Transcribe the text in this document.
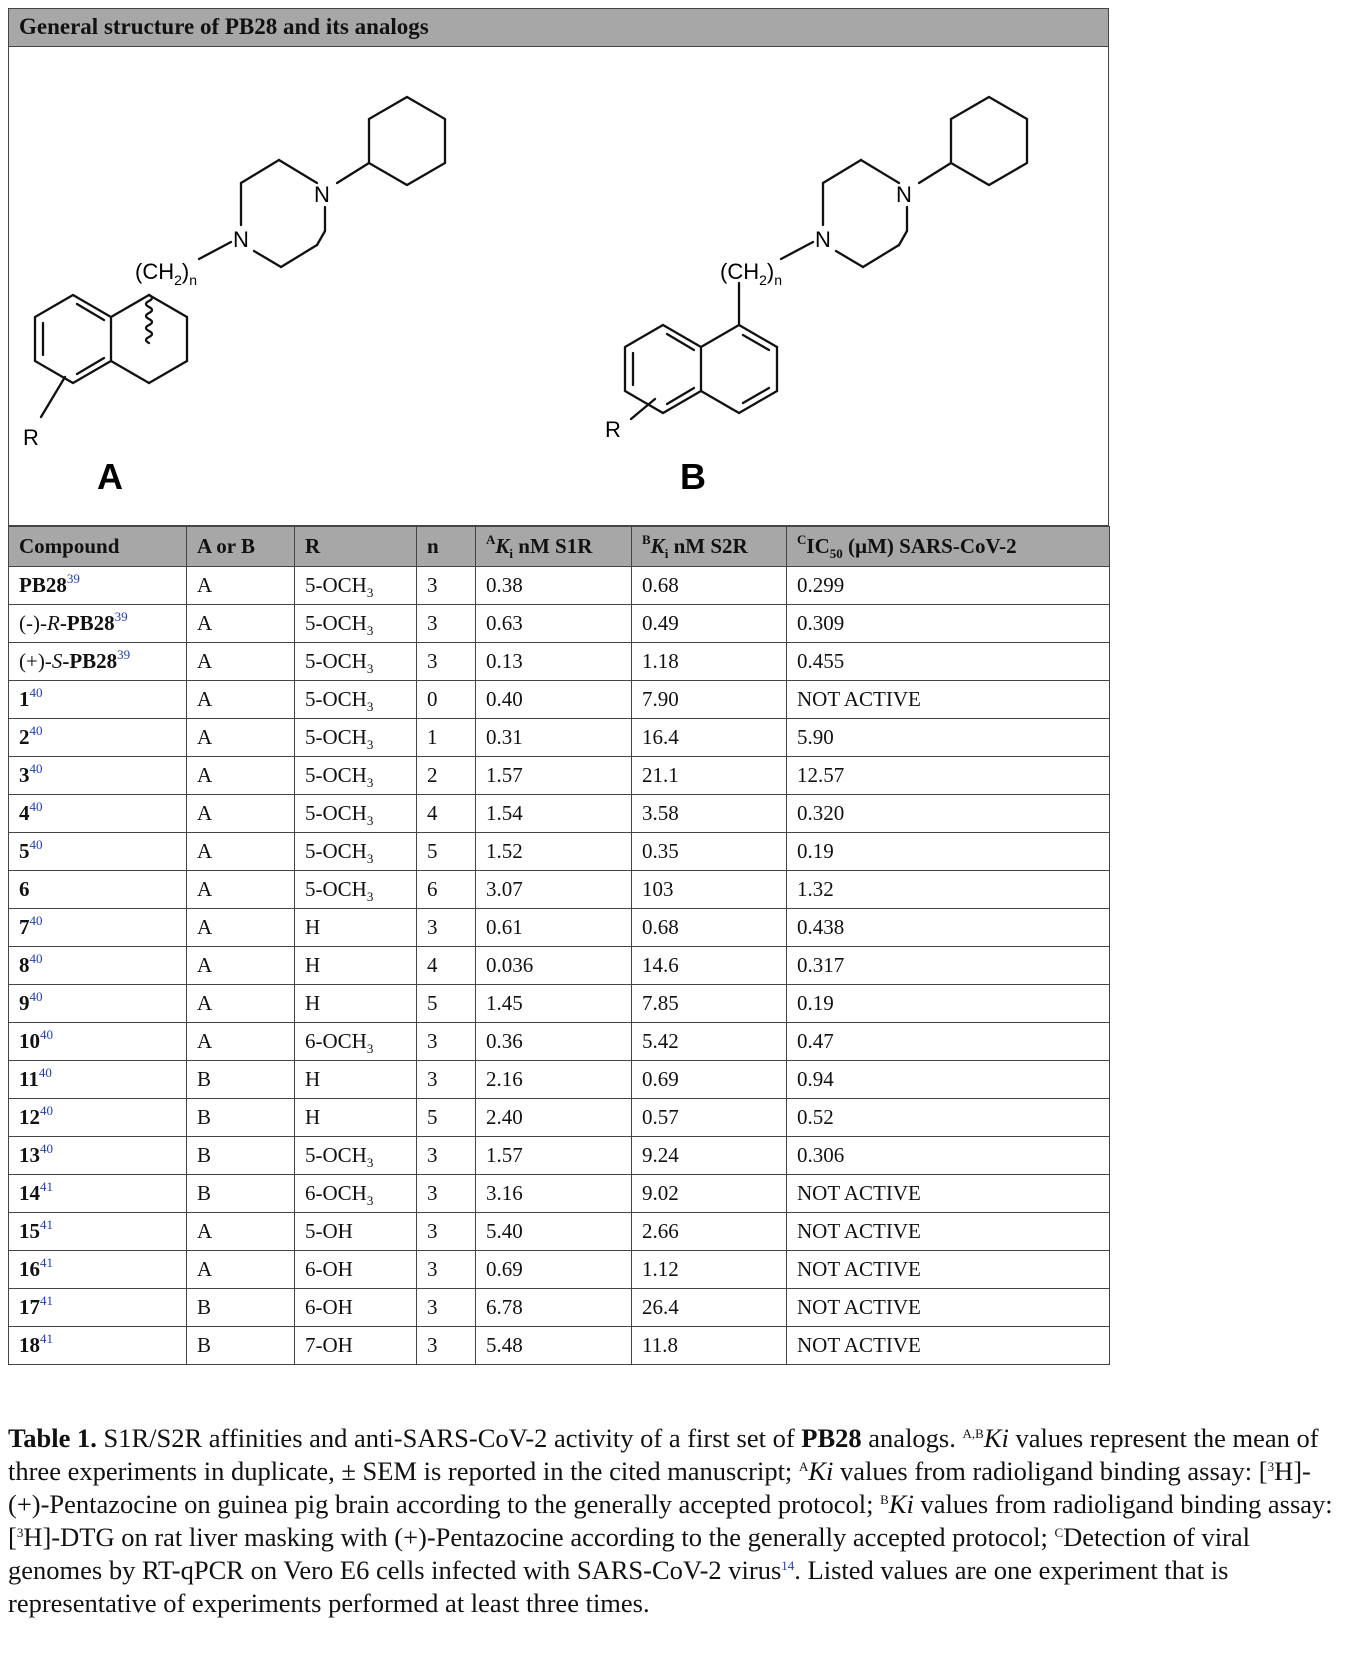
General structure of PB28 and its analogs
N
N
$(CH_2)_n$
R
A
N
N
$(CH_2)_n$
R
B
Compound	A or B	R	n	$^AK_i$ nM S1R	$^BK_i$ nM S2R	$^CIC_{50}$ (µM) SARS-CoV-2
PB28$^{39}$	A	$5-OCH_3$	3	0.38	0.68	0.299
(-)-R-PB28$^{39}$	A	$5-OCH_3$	3	0.63	0.49	0.309
(+)-S-PB28$^{39}$	A	$5-OCH_3$	3	0.13	1.18	0.455
1$^{40}$	A	$5-OCH_3$	0	0.40	7.90	NOT ACTIVE
2$^{40}$	A	$5-OCH_3$	1	0.31	16.4	5.90
3$^{40}$	A	$5-OCH_3$	2	1.57	21.1	12.57
4$^{40}$	A	$5-OCH_3$	4	1.54	3.58	0.320
5$^{40}$	A	$5-OCH_3$	5	1.52	0.35	0.19
6	A	$5-OCH_3$	6	3.07	103	1.32
7$^{40}$	A	H	3	0.61	0.68	0.438
8$^{40}$	A	H	4	0.036	14.6	0.317
9$^{40}$	A	H	5	1.45	7.85	0.19
10$^{40}$	A	$6-OCH_3$	3	0.36	5.42	0.47
11$^{40}$	B	H	3	2.16	0.69	0.94
12$^{40}$	B	H	5	2.40	0.57	0.52
13$^{40}$	B	$5-OCH_3$	3	1.57	9.24	0.306
14$^{41}$	B	$6-OCH_3$	3	3.16	9.02	NOT ACTIVE
15$^{41}$	A	5-OH	3	5.40	2.66	NOT ACTIVE
16$^{41}$	A	6-OH	3	0.69	1.12	NOT ACTIVE
17$^{41}$	B	6-OH	3	6.78	26.4	NOT ACTIVE
18$^{41}$	B	7-OH	3	5.48	11.8	NOT ACTIVE
Table 1. S1R/S2R affinities and anti-SARS-CoV-2 activity of a first set of PB28 analogs. $^{A,B}$Ki values represent the mean of three experiments in duplicate, ± SEM is reported in the cited manuscript; $^A$Ki values from radioligand binding assay: [$^3$H]-(+)-Pentazocine on guinea pig brain according to the generally accepted protocol; $^B$Ki values from radioligand binding assay: [$^3$H]-DTG on rat liver masking with (+)-Pentazocine according to the generally accepted protocol; $^C$Detection of viral genomes by RT-qPCR on Vero E6 cells infected with SARS-CoV-2 virus$^{14}$. Listed values are one experiment that is representative of experiments performed at least three times.
